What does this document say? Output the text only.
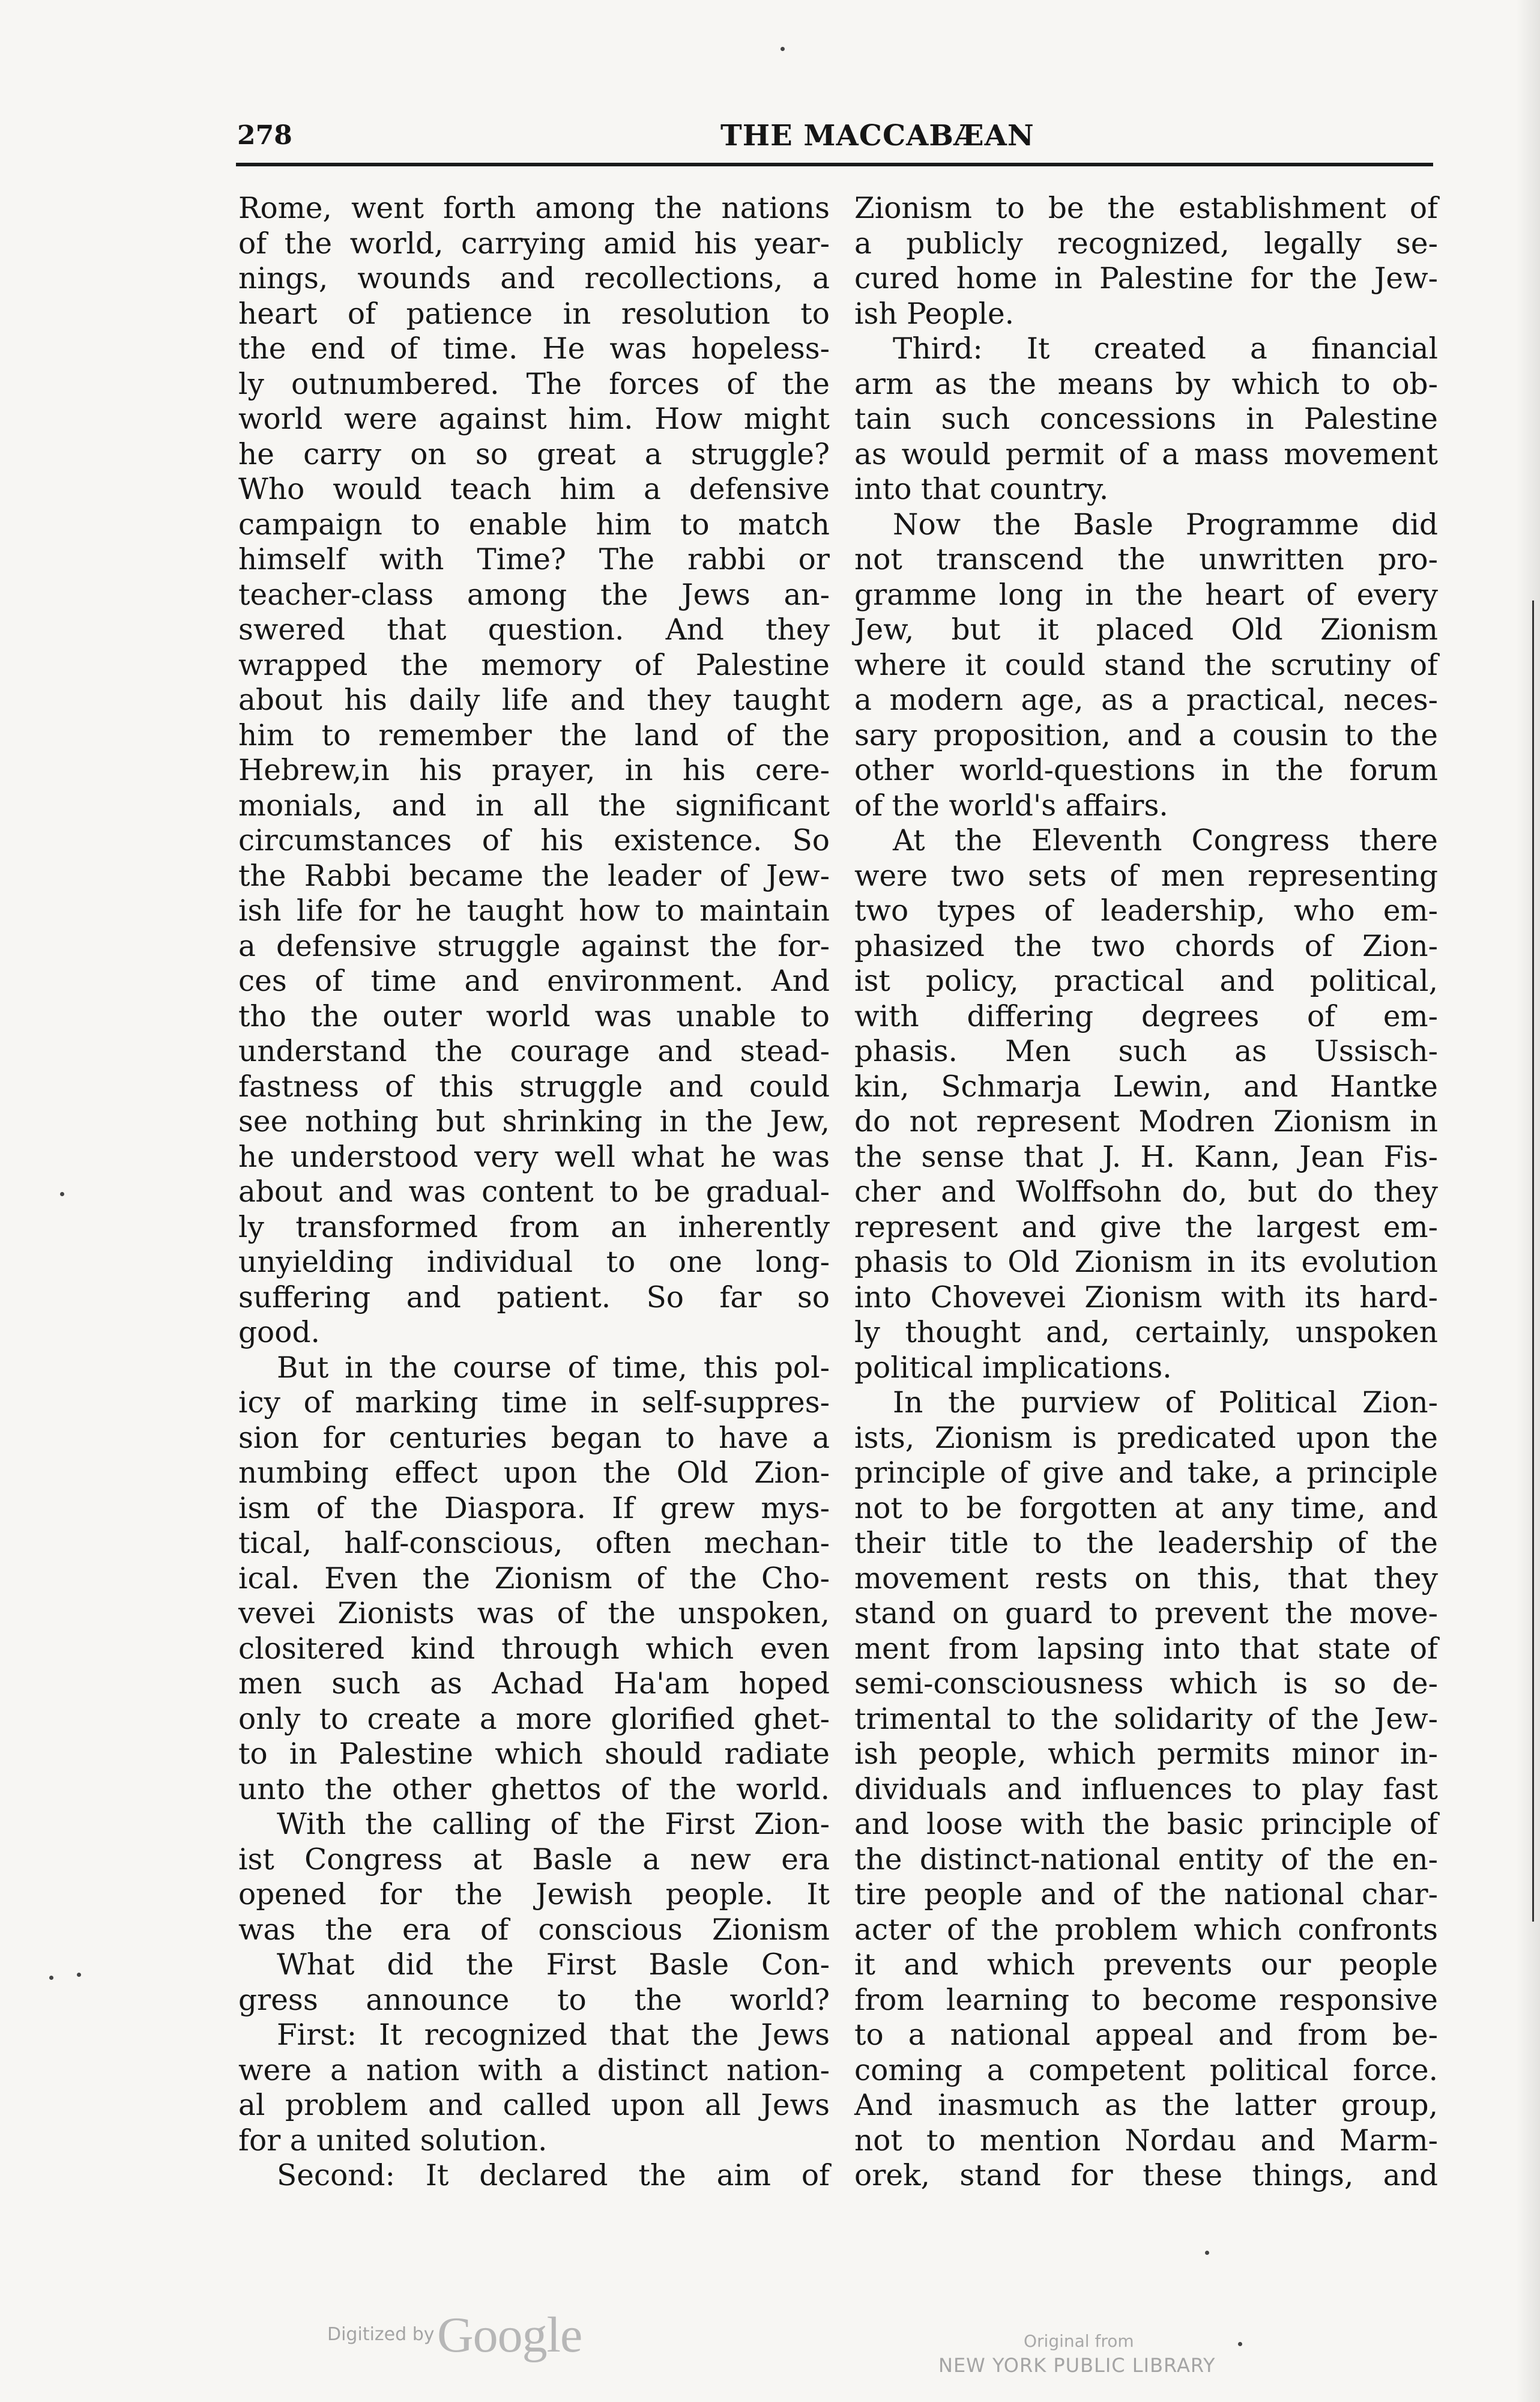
278	THE MACCABÆAN
Rome, went forth among the nations
of the world, carrying amid his year-
nings, wounds and recollections, a
heart of patience in resolution to
the end of time. He was hopeless-
ly outnumbered. The forces of the
world were against him. How might
he carry on so great a struggle?
Who would teach him a defensive
campaign to enable him to match
himself with Time? The rabbi or
teacher-class among the Jews an-
swered that question. And they
wrapped the memory of Palestine
about his daily life and they taught
him to remember the land of the
Hebrew,in his prayer, in his cere-
monials, and in all the significant
circumstances of his existence. So
the Rabbi became the leader of Jew-
ish life for he taught how to maintain
a defensive struggle against the for-
ces of time and environment. And
tho the outer world was unable to
understand the courage and stead-
fastness of this struggle and could
see nothing but shrinking in the Jew,
he understood very well what he was
about and was content to be gradual-
ly transformed from an inherently
unyielding individual to one long-
suffering and patient. So far so
good.
But in the course of time, this pol-
icy of marking time in self-suppres-
sion for centuries began to have a
numbing effect upon the Old Zion-
ism of the Diaspora. If grew mys-
tical, half-conscious, often mechan-
ical. Even the Zionism of the Cho-
vevei Zionists was of the unspoken,
clositered kind through which even
men such as Achad Ha'am hoped
only to create a more glorified ghet-
to in Palestine which should radiate
unto the other ghettos of the world.
With the calling of the First Zion-
ist Congress at Basle a new era
opened for the Jewish people. It
was the era of conscious Zionism
What did the First Basle Con-
gress announce to the world?
First: It recognized that the Jews
were a nation with a distinct nation-
al problem and called upon all Jews
for a united solution.
Second: It declared the aim of
Zionism to be the establishment of
a publicly recognized, legally se-
cured home in Palestine for the Jew-
ish People.
Third: It created a financial
arm as the means by which to ob-
tain such concessions in Palestine
as would permit of a mass movement
into that country.
Now the Basle Programme did
not transcend the unwritten pro-
gramme long in the heart of every
Jew, but it placed Old Zionism
where it could stand the scrutiny of
a modern age, as a practical, neces-
sary proposition, and a cousin to the
other world-questions in the forum
of the world's affairs.
At the Eleventh Congress there
were two sets of men representing
two types of leadership, who em-
phasized the two chords of Zion-
ist policy, practical and political,
with differing degrees of em-
phasis. Men such as Ussisch-
kin, Schmarja Lewin, and Hantke
do not represent Modren Zionism in
the sense that J. H. Kann, Jean Fis-
cher and Wolffsohn do, but do they
represent and give the largest em-
phasis to Old Zionism in its evolution
into Chovevei Zionism with its hard-
ly thought and, certainly, unspoken
political implications.
In the purview of Political Zion-
ists, Zionism is predicated upon the
principle of give and take, a principle
not to be forgotten at any time, and
their title to the leadership of the
movement rests on this, that they
stand on guard to prevent the move-
ment from lapsing into that state of
semi-consciousness which is so de-
trimental to the solidarity of the Jew-
ish people, which permits minor in-
dividuals and influences to play fast
and loose with the basic principle of
the distinct-national entity of the en-
tire people and of the national char-
acter of the problem which confronts
it and which prevents our people
from learning to become responsive
to a national appeal and from be-
coming a competent political force.
And inasmuch as the latter group,
not to mention Nordau and Marm-
orek, stand for these things, and
Digitized by Google	Original from
NEW YORK PUBLIC LIBRARY
